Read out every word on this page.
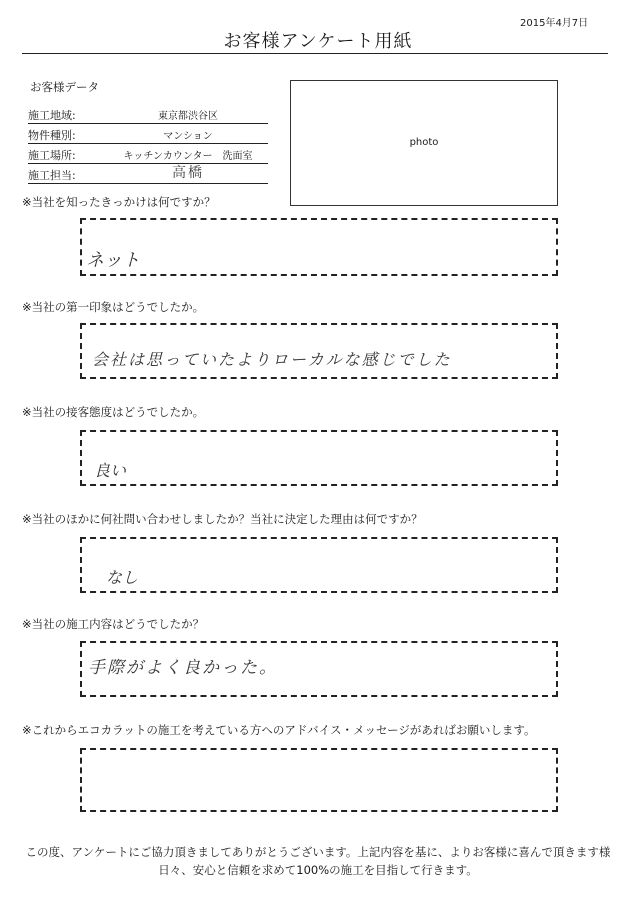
2015年4月7日
お客様アンケート用紙
お客様データ
施工地域:	東京都渋谷区
物件種別:	マンション
施工場所:	キッチンカウンター　洗面室
施工担当:	高橋
photo
※当社を知ったきっかけは何ですか？
ネット
※当社の第一印象はどうでしたか。
会社は思っていたよりローカルな感じでした
※当社の接客態度はどうでしたか。
良い
※当社のほかに何社問い合わせしましたか？当社に決定した理由は何ですか？
なし
※当社の施工内容はどうでしたか？
手際がよく良かった。
※これからエコカラットの施工を考えている方へのアドバイス・メッセージがあればお願いします。
この度、アンケートにご協力頂きましてありがとうございます。上記内容を基に、よりお客様に喜んで頂きます様
日々、安心と信頼を求めて100%の施工を目指して行きます。
